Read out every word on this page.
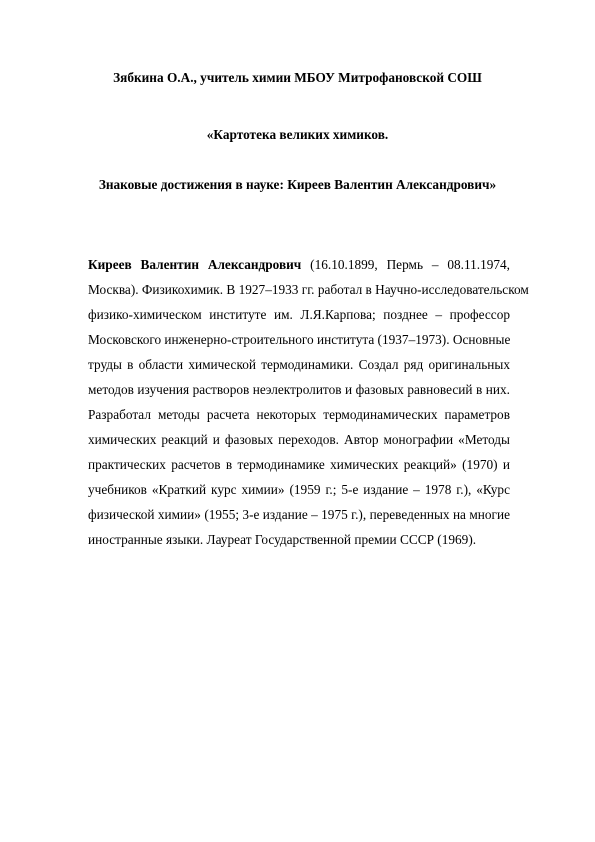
Зябкина О.А., учитель химии МБОУ Митрофановской СОШ

«Картотека великих химиков.

Знаковые достижения в науке: Киреев Валентин Александрович»

Киреев Валентин Александрович (16.10.1899, Пермь – 08.11.1974,
Москва). Физикохимик. В 1927–1933 гг. работал в Научно-исследовательском
физико-химическом институте им. Л.Я.Карпова; позднее – профессор
Московского инженерно-строительного института (1937–1973). Основные
труды в области химической термодинамики. Создал ряд оригинальных
методов изучения растворов неэлектролитов и фазовых равновесий в них.
Разработал методы расчета некоторых термодинамических параметров
химических реакций и фазовых переходов. Автор монографии «Методы
практических расчетов в термодинамике химических реакций» (1970) и
учебников «Краткий курс химии» (1959 г.; 5-е издание – 1978 г.), «Курс
физической химии» (1955; 3-е издание – 1975 г.), переведенных на многие
иностранные языки. Лауреат Государственной премии СССР (1969).
